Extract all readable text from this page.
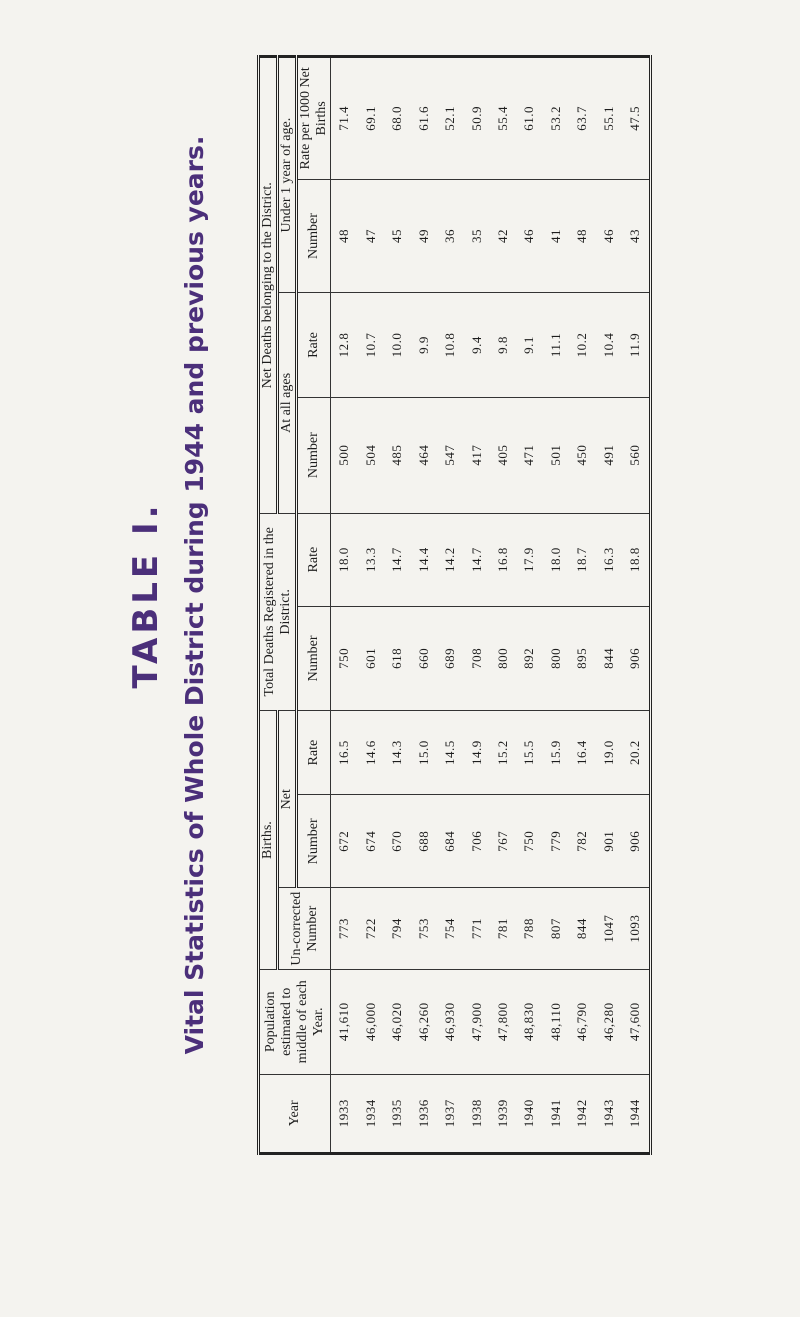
TABLE I. Vital Statistics of Whole District during 1944 and previous years.
Year	Population estimated to middle of each Year.	Births.			Total Deaths Registered in the District.		Net Deaths belonging to the District.			
		Un-corrected Number	Net				At all ages		Under 1 year of age.	
			Number	Rate	Number	Rate	Number	Rate	Number	Rate per 1000 Net Births
1933	41,610	773	672	16.5	750	18.0	500	12.8	48	71.4
1934	46,000	722	674	14.6	601	13.3	504	10.7	47	69.1
1935	46,020	794	670	14.3	618	14.7	485	10.0	45	68.0
1936	46,260	753	688	15.0	660	14.4	464	9.9	49	61.6
1937	46,930	754	684	14.5	689	14.2	547	10.8	36	52.1
1938	47,900	771	706	14.9	708	14.7	417	9.4	35	50.9
1939	47,800	781	767	15.2	800	16.8	405	9.8	42	55.4
1940	48,830	788	750	15.5	892	17.9	471	9.1	46	61.0
1941	48,110	807	779	15.9	800	18.0	501	11.1	41	53.2
1942	46,790	844	782	16.4	895	18.7	450	10.2	48	63.7
1943	46,280	1047	901	19.0	844	16.3	491	10.4	46	55.1
1944	47,600	1093	906	20.2	906	18.8	560	11.9	43	47.5
